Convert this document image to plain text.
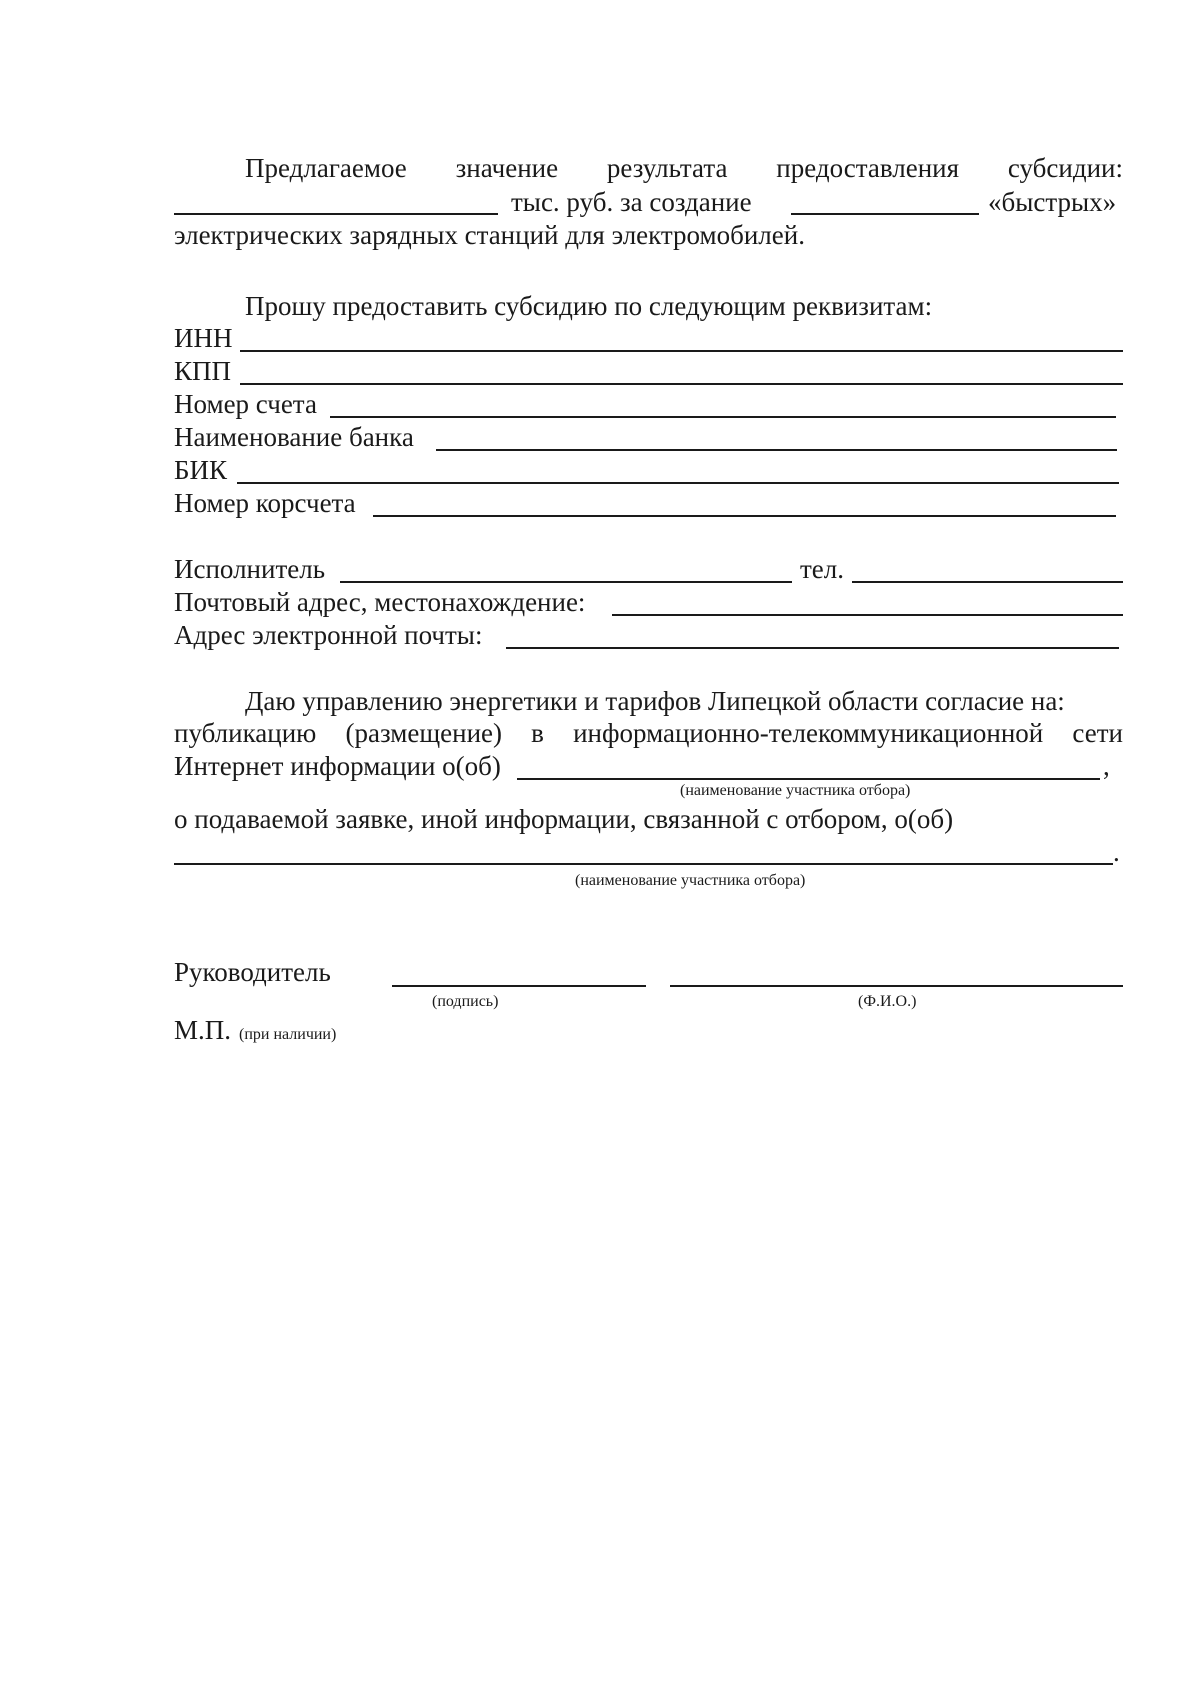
Предлагаемое значение результата предоставления субсидии:
тыс. руб. за создание	«быстрых»
электрических зарядных станций для электромобилей.
Прошу предоставить субсидию по следующим реквизитам:
ИНН
КПП
Номер счета
Наименование банка
БИК
Номер корсчета
Исполнитель	тел.
Почтовый адрес, местонахождение:
Адрес электронной почты:
Даю управлению энергетики и тарифов Липецкой области согласие на:
публикацию (размещение) в информационно-телекоммуникационной сети
Интернет информации о(об)	,
(наименование участника отбора)
о подаваемой заявке, иной информации, связанной с отбором, о(об)
.
(наименование участника отбора)
Руководитель
(подпись)	(Ф.И.О.)
М.П. (при наличии)
